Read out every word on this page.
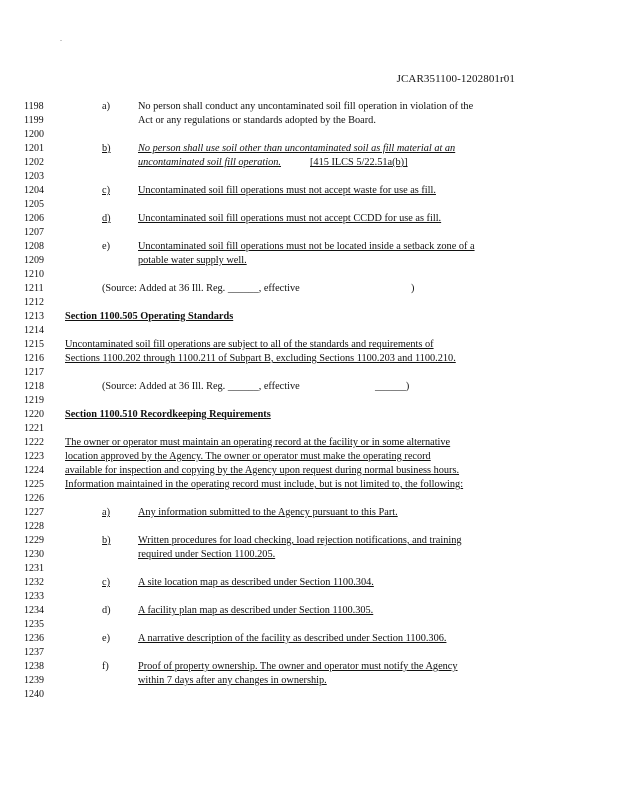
.
JCAR351100-1202801r01
1198
1199
1200
1201
1202
1203
1204
1205
1206
1207
1208
1209
1210
1211
1212
1213
1214
1215
1216
1217
1218
1219
1220
1221
1222
1223
1224
1225
1226
1227
1228
1229
1230
1231
1232
1233
1234
1235
1236
1237
1238
1239
1240
a)	No person shall conduct any uncontaminated soil fill operation in violation of the
Act or any regulations or standards adopted by the Board.
b)	No person shall use soil other than uncontaminated soil as fill material at an
uncontaminated soil fill operation.	[415 ILCS 5/22.51a(b)]
c)	Uncontaminated soil fill operations must not accept waste for use as fill.
d)	Uncontaminated soil fill operations must not accept CCDD for use as fill.
e)	Uncontaminated soil fill operations must not be located inside a setback zone of a
potable water supply well.
(Source: Added at 36 Ill. Reg. ______, effective	)
Section 1100.505 Operating Standards
Uncontaminated soil fill operations are subject to all of the standards and requirements of
Sections 1100.202 through 1100.211 of Subpart B, excluding Sections 1100.203 and 1100.210.
(Source: Added at 36 Ill. Reg. ______, effective	______)
Section 1100.510 Recordkeeping Requirements
The owner or operator must maintain an operating record at the facility or in some alternative
location approved by the Agency. The owner or operator must make the operating record
available for inspection and copying by the Agency upon request during normal business hours.
Information maintained in the operating record must include, but is not limited to, the following:
a)	Any information submitted to the Agency pursuant to this Part.
b)	Written procedures for load checking, load rejection notifications, and training
required under Section 1100.205.
c)	A site location map as described under Section 1100.304.
d)	A facility plan map as described under Section 1100.305.
e)	A narrative description of the facility as described under Section 1100.306.
f)	Proof of property ownership. The owner and operator must notify the Agency
within 7 days after any changes in ownership.
